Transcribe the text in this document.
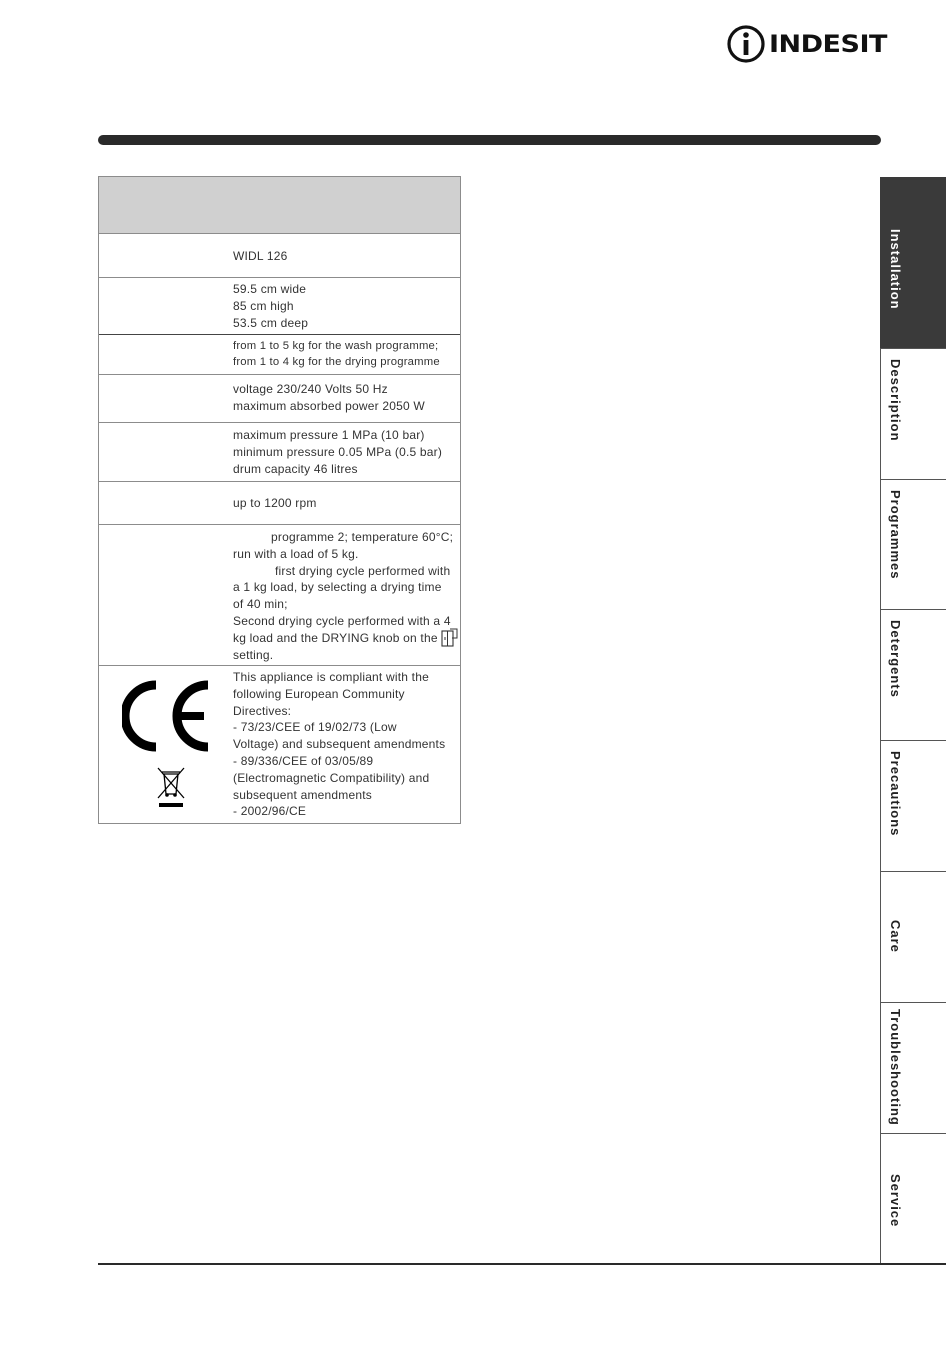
INDESIT
WIDL 126
59.5 cm wide
85 cm high
53.5 cm deep
from 1 to 5 kg for the wash programme;
from 1 to 4 kg for the drying programme
voltage 230/240 Volts 50 Hz
maximum absorbed power 2050 W
maximum pressure 1 MPa (10 bar)
minimum pressure 0.05 MPa (0.5 bar)
drum capacity 46 litres
up to 1200 rpm
programme 2; temperature 60°C;
run with a load of 5 kg.
first drying cycle performed with
a 1 kg load, by selecting a drying time
of 40 min;
Second drying cycle performed with a 4
kg load and the DRYING knob on the
setting.
This appliance is compliant with the
following European Community
Directives:
- 73/23/CEE of 19/02/73 (Low
Voltage) and subsequent amendments
- 89/336/CEE of 03/05/89
(Electromagnetic Compatibility) and
subsequent amendments
- 2002/96/CE
Installation
Description
Programmes
Detergents
Precautions
Care
Troubleshooting
Service
